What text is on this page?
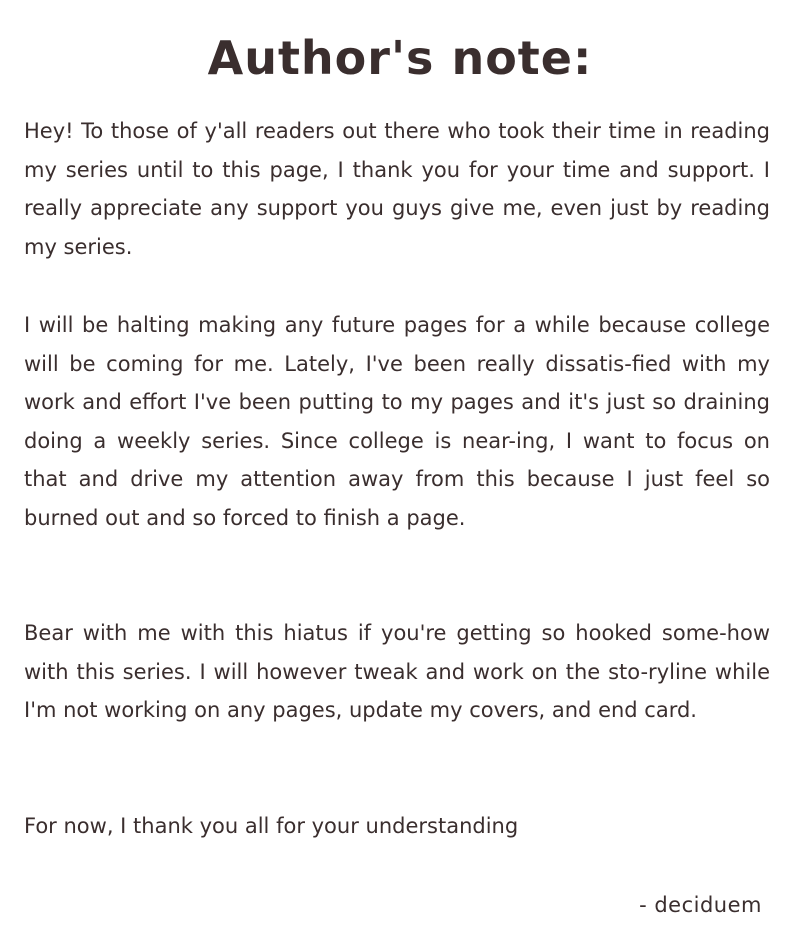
Author's note:

Hey! To those of y'all readers out there who took their time in reading my series until to this page, I thank you for your time and support. I really appreciate any support you guys give me, even just by reading my series.

I will be halting making any future pages for a while because college will be coming for me. Lately, I've been really dissatis-fied with my work and effort I've been putting to my pages and it's just so draining doing a weekly series. Since college is near-ing, I want to focus on that and drive my attention away from this because I just feel so burned out and so forced to finish a page.

Bear with me with this hiatus if you're getting so hooked some-how with this series. I will however tweak and work on the sto-ryline while I'm not working on any pages, update my covers, and end card.

For now, I thank you all for your understanding

- deciduem
